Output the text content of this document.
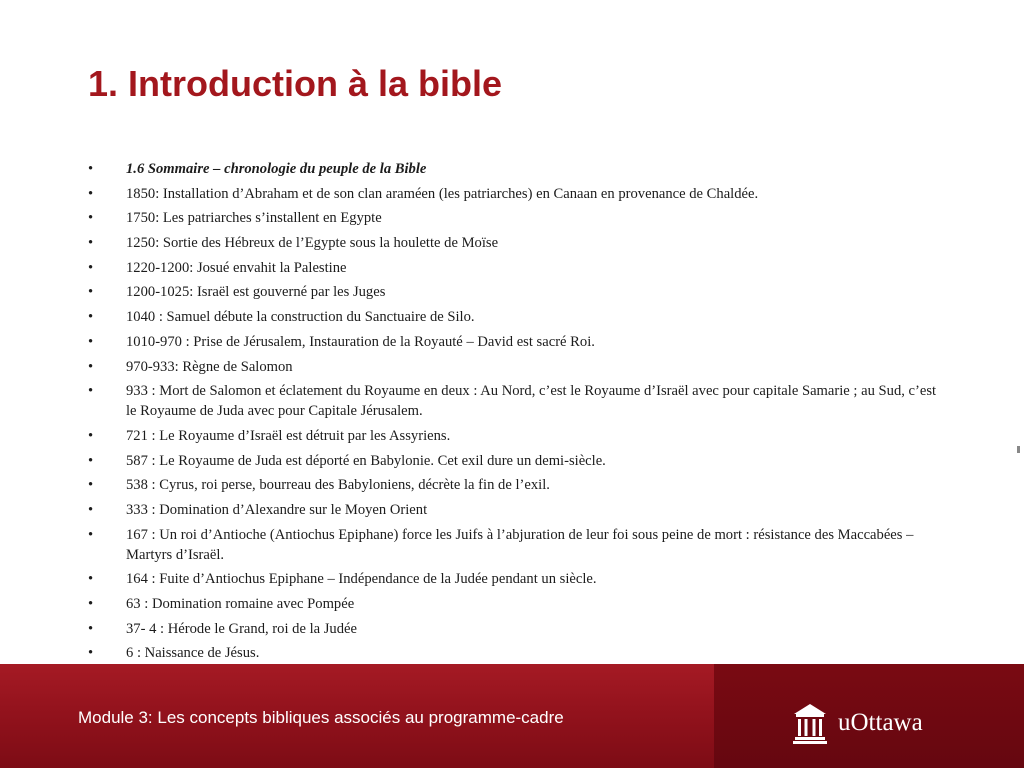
1. Introduction à la bible
•	1.6 Sommaire – chronologie du peuple de la Bible
•	1850: Installation d’Abraham et de son clan araméen (les patriarches) en Canaan en provenance de Chaldée.
•	1750: Les patriarches s’installent en Egypte
•	1250: Sortie des Hébreux de l’Egypte sous la houlette de Moïse
•	1220-1200: Josué envahit la Palestine
•	1200-1025: Israël est gouverné par les Juges
•	1040 : Samuel débute la construction du Sanctuaire de Silo.
•	1010-970 : Prise de Jérusalem, Instauration de la Royauté – David est sacré Roi.
•	970-933: Règne de Salomon
•	933 : Mort de Salomon et éclatement du Royaume en deux : Au Nord, c’est le Royaume d’Israël avec pour capitale Samarie ; au Sud, c’est le Royaume de Juda avec pour Capitale Jérusalem.
•	721 : Le Royaume d’Israël est détruit par les Assyriens.
•	587 : Le Royaume de Juda est déporté en Babylonie. Cet exil dure un demi-siècle.
•	538 : Cyrus, roi perse, bourreau des Babyloniens, décrète la fin de l’exil.
•	333 : Domination d’Alexandre sur le Moyen Orient
•	167 : Un roi d’Antioche (Antiochus Epiphane) force les Juifs à l’abjuration de leur foi sous peine de mort : résistance des Maccabées – Martyrs d’Israël.
•	164 : Fuite d’Antiochus Epiphane – Indépendance de la Judée pendant un siècle.
•	63 : Domination romaine avec Pompée
•	37- 4 : Hérode le Grand, roi de la Judée
•	6 : Naissance de Jésus.
Module 3: Les concepts bibliques associés au programme-cadre	uOttawa
